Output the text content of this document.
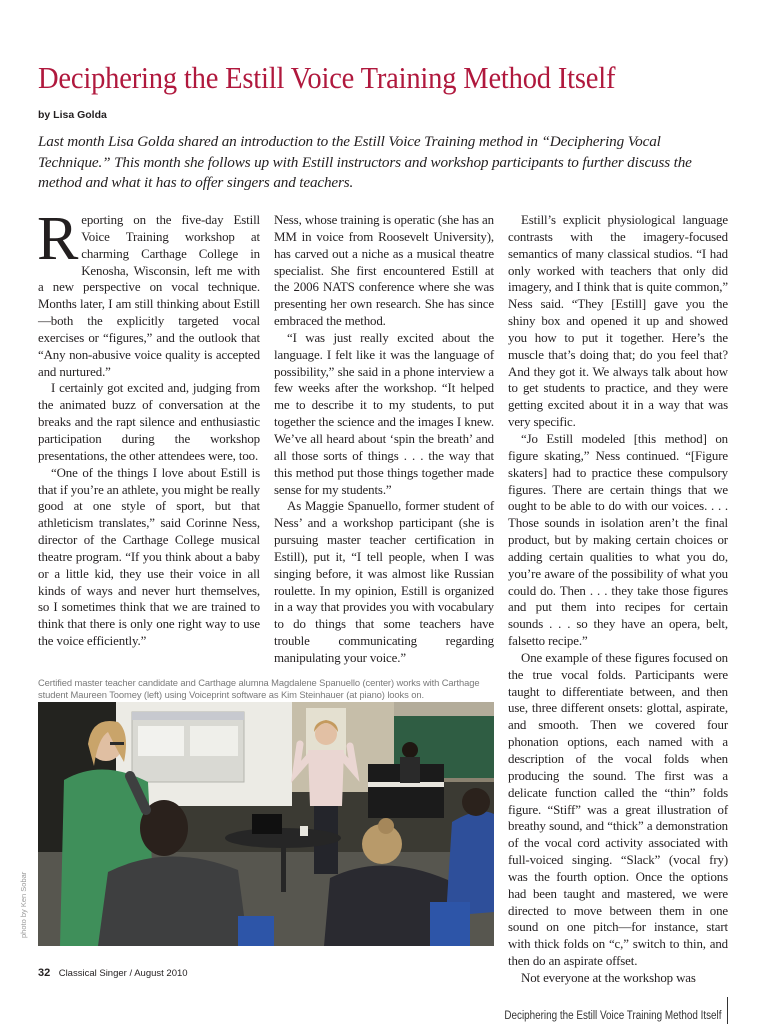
Deciphering the Estill Voice Training Method Itself
by Lisa Golda
Last month Lisa Golda shared an introduction to the Estill Voice Training method in “Deciphering Vocal Technique.” This month she follows up with Estill instructors and workshop participants to further discuss the method and what it has to offer singers and teachers.

Reporting on the five-day Estill Voice Training workshop at charming Carthage College in Kenosha, Wisconsin, left me with a new perspective on vocal technique. Months later, I am still thinking about Estill—both the explicitly targeted vocal exercises or “figures,” and the outlook that “Any non-abusive voice quality is accepted and nurtured.”

I certainly got excited and, judging from the animated buzz of conversation at the breaks and the rapt silence and enthusiastic participation during the workshop presentations, the other attendees were, too.

“One of the things I love about Estill is that if you’re an athlete, you might be really good at one style of sport, but that athleticism translates,” said Corinne Ness, director of the Carthage College musical theatre program. “If you think about a baby or a little kid, they use their voice in all kinds of ways and never hurt themselves, so I sometimes think that we are trained to think that there is only one right way to use the voice efficiently.”

Ness, whose training is operatic (she has an MM in voice from Roosevelt University), has carved out a niche as a musical theatre specialist. She first encountered Estill at the 2006 NATS conference where she was presenting her own research. She has since embraced the method.

“I was just really excited about the language. I felt like it was the language of possibility,” she said in a phone interview a few weeks after the workshop. “It helped me to describe it to my students, to put together the science and the images I knew. We’ve all heard about ‘spin the breath’ and all those sorts of things . . . the way that this method put those things together made sense for my students.”

As Maggie Spanuello, former student of Ness’ and a workshop participant (she is pursuing master teacher certification in Estill), put it, “I tell people, when I was singing before, it was almost like Russian roulette. In my opinion, Estill is organized in a way that provides you with vocabulary to do things that some teachers have trouble communicating regarding manipulating your voice.”

Estill’s explicit physiological language contrasts with the imagery-focused semantics of many classical studios. “I had only worked with teachers that only did imagery, and I think that is quite common,” Ness said. “They [Estill] gave you the shiny box and opened it up and showed you how to put it together. Here’s the muscle that’s doing that; do you feel that? And they got it. We always talk about how to get students to practice, and they were getting excited about it in a way that was very specific.

“Jo Estill modeled [this method] on figure skating,” Ness continued. “[Figure skaters] had to practice these compulsory figures. There are certain things that we ought to be able to do with our voices. . . . Those sounds in isolation aren’t the final product, but by making certain choices or adding certain qualities to what you do, you’re aware of the possibility of what you could do. Then . . . they take those figures and put them into recipes for certain sounds . . . so they have an opera, belt, falsetto recipe.”

One example of these figures focused on the true vocal folds. Participants were taught to differentiate between, and then use, three different onsets: glottal, aspirate, and smooth. Then we covered four phonation options, each named with a description of the vocal folds when producing the sound. The first was a delicate function called the “thin” folds figure. “Stiff” was a great illustration of breathy sound, and “thick” a demonstration of the vocal cord activity associated with full-voiced singing. “Slack” (vocal fry) was the fourth option. Once the options had been taught and mastered, we were directed to move between them in one sound on one pitch—for instance, start with thick folds on “c,” switch to thin, and then do an aspirate offset.

Not everyone at the workshop was

Certified master teacher candidate and Carthage alumna Magdalene Spanuello (center) works with Carthage student Maureen Toomey (left) using Voiceprint software as Kim Steinhauer (at piano) looks on.
photo by Ken Sobar
32 Classical Singer / August 2010
Deciphering the Estill Voice Training Method Itself
